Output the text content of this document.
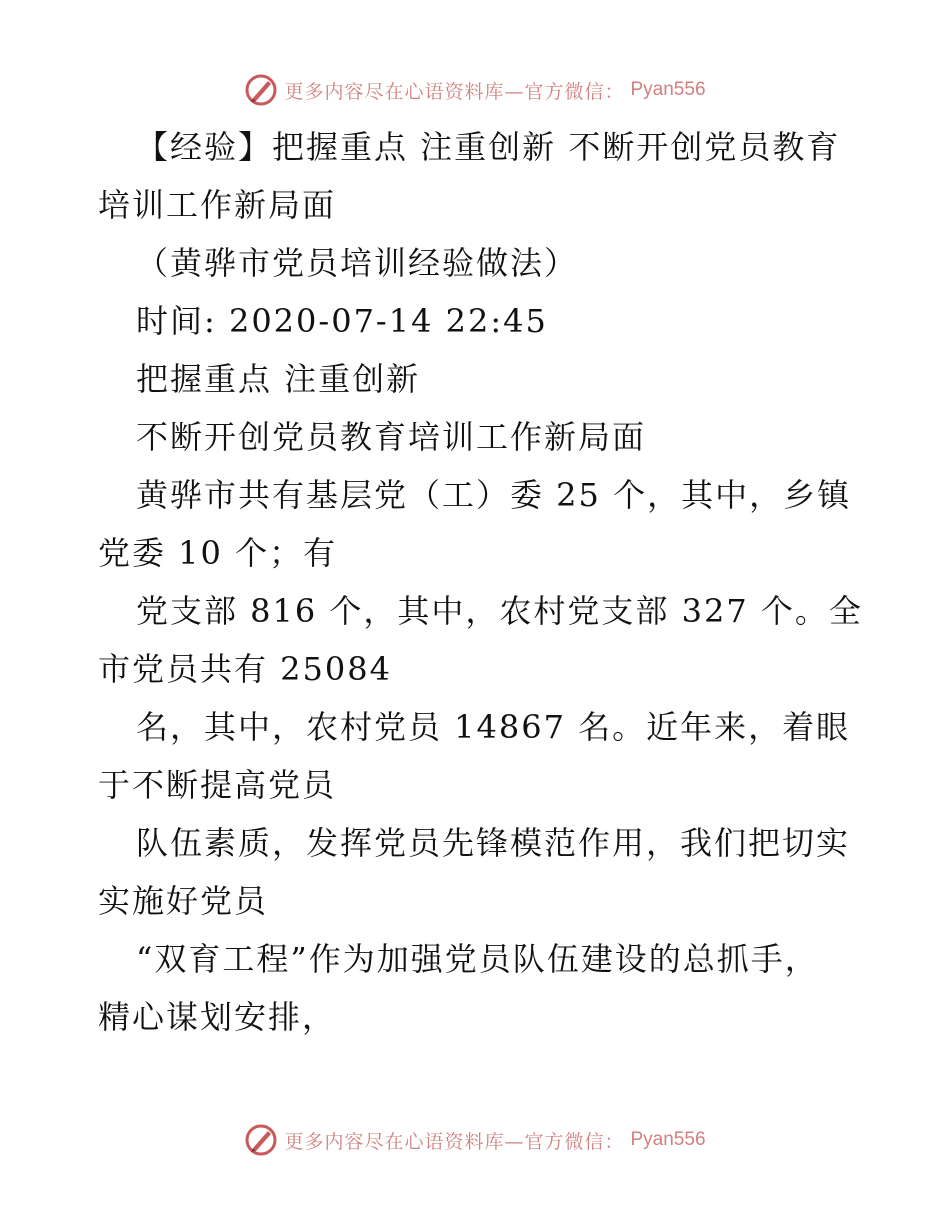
更多内容尽在心语资料库—官方微信： Pyan556
【经验】把握重点 注重创新 不断开创党员教育
培训工作新局面
（黄骅市党员培训经验做法）
时间: 2020-07-14 22:45
把握重点 注重创新
不断开创党员教育培训工作新局面
黄骅市共有基层党（工）委 25 个，其中，乡镇
党委 10 个；有
党支部 816 个，其中，农村党支部 327 个。全
市党员共有 25084
名，其中，农村党员 14867 名。近年来，着眼
于不断提高党员
队伍素质，发挥党员先锋模范作用，我们把切实
实施好党员
“双育工程”作为加强党员队伍建设的总抓手，
精心谋划安排，
更多内容尽在心语资料库—官方微信： Pyan556
